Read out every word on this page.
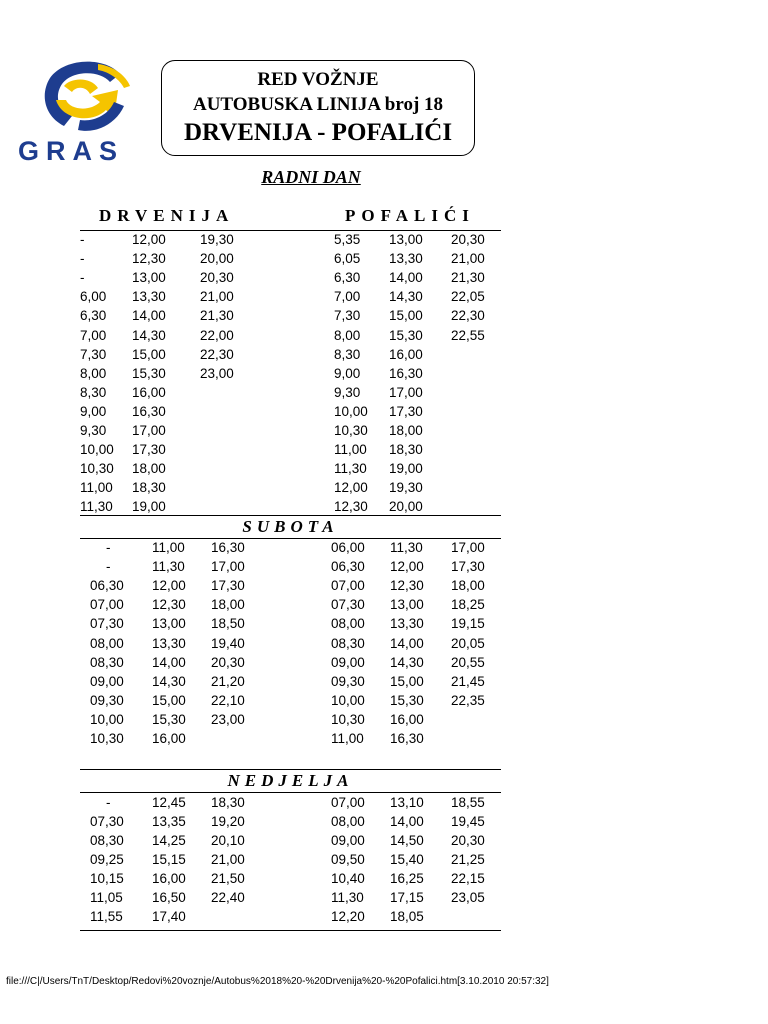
GRAS
RED VOŽNJE
AUTOBUSKA LINIJA broj 18
DRVENIJA - POFALIĆI
RADNI DAN
DRVENIJA	POFALIĆI
-	12,00	19,30	5,35 13,00 20,30
-	12,30	20,00	6,05 13,30 21,00
-	13,00	20,30	6,30 14,00 21,30
6,00 13,30	21,00	7,00 14,30 22,05
6,30 14,00	21,30	7,30 15,00 22,30
7,00 14,30	22,00	8,00 15,30 22,55
7,30 15,00	22,30	8,30 16,00
8,00 15,30	23,00	9,00 16,30
8,30 16,00	9,30 17,00
9,00 16,30	10,00 17,30
9,30 17,00	10,30 18,00
10,00 17,30	11,00 18,30
10,30 18,00	11,30 19,00
11,00 18,30	12,00 19,30
11,30 19,00	12,30 20,00
SUBOTA
-	11,00 16,30	06,00 11,30 17,00
-	11,30 17,00	06,30 12,00 17,30
06,30 12,00 17,30	07,00 12,30 18,00
07,00 12,30 18,00	07,30 13,00 18,25
07,30 13,00 18,50	08,00 13,30 19,15
08,00 13,30 19,40	08,30 14,00 20,05
08,30 14,00 20,30	09,00 14,30 20,55
09,00 14,30 21,20	09,30 15,00 21,45
09,30 15,00 22,10	10,00 15,30 22,35
10,00 15,30 23,00	10,30 16,00
10,30 16,00	11,00 16,30
NEDJELJA
-	12,45 18,30	07,00 13,10 18,55
07,30 13,35 19,20	08,00 14,00 19,45
08,30 14,25 20,10	09,00 14,50 20,30
09,25 15,15 21,00	09,50 15,40 21,25
10,15 16,00 21,50	10,40 16,25 22,15
11,05 16,50 22,40	11,30 17,15 23,05
11,55 17,40	12,20 18,05
file:///C|/Users/TnT/Desktop/Redovi%20voznje/Autobus%2018%20-%20Drvenija%20-%20Pofalici.htm[3.10.2010 20:57:32]
